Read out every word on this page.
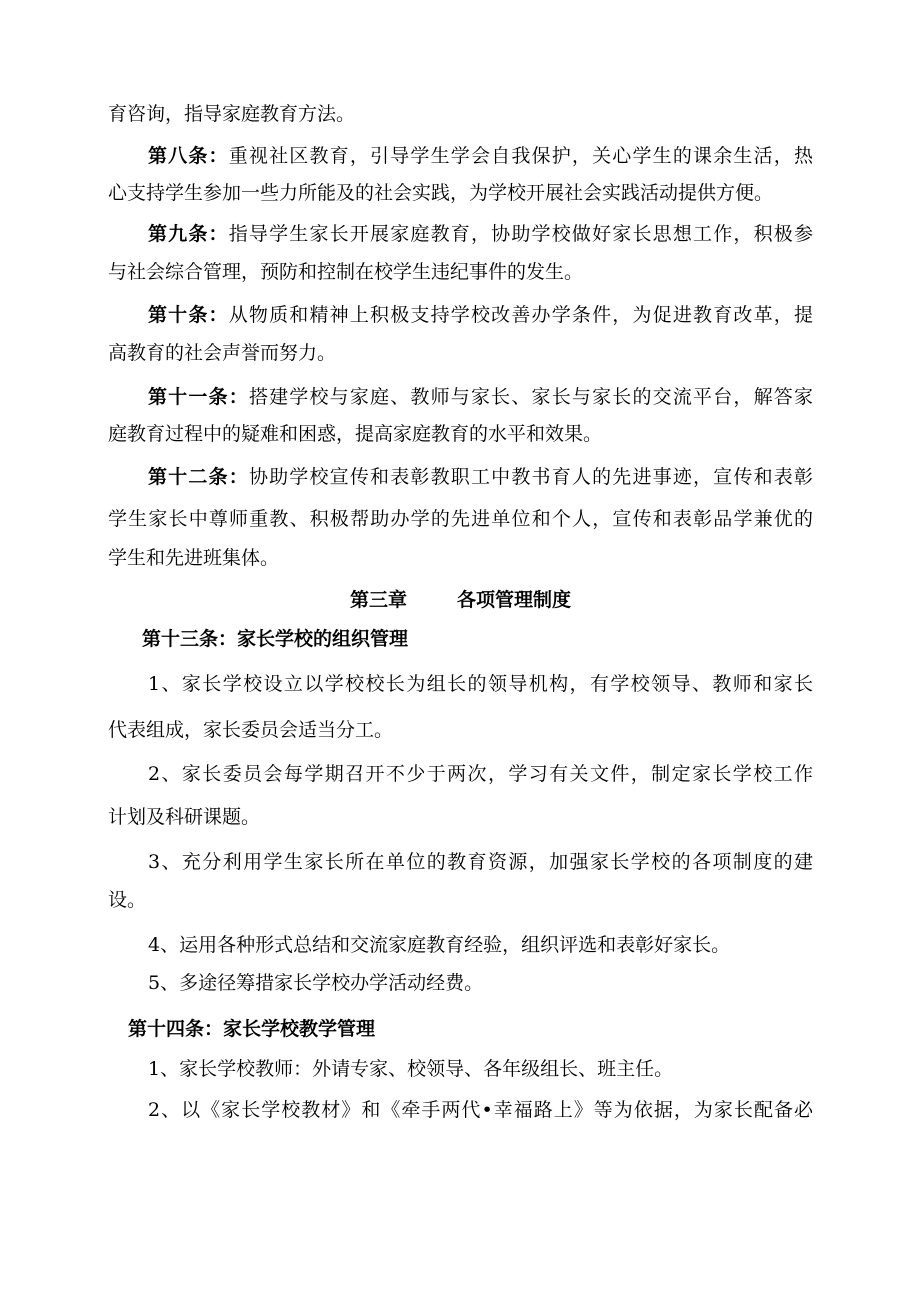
育咨询，指导家庭教育方法。

第八条：重视社区教育，引导学生学会自我保护，关心学生的课余生活，热

心支持学生参加一些力所能及的社会实践，为学校开展社会实践活动提供方便。

第九条：指导学生家长开展家庭教育，协助学校做好家长思想工作，积极参

与社会综合管理，预防和控制在校学生违纪事件的发生。

第十条：从物质和精神上积极支持学校改善办学条件，为促进教育改革，提

高教育的社会声誉而努力。

第十一条：搭建学校与家庭、教师与家长、家长与家长的交流平台，解答家

庭教育过程中的疑难和困惑，提高家庭教育的水平和效果。

第十二条：协助学校宣传和表彰教职工中教书育人的先进事迹，宣传和表彰

学生家长中尊师重教、积极帮助办学的先进单位和个人，宣传和表彰品学兼优的

学生和先进班集体。

第三章	各项管理制度

第十三条：家长学校的组织管理

1、家长学校设立以学校校长为组长的领导机构，有学校领导、教师和家长

代表组成，家长委员会适当分工。

2、家长委员会每学期召开不少于两次，学习有关文件，制定家长学校工作

计划及科研课题。

3、充分利用学生家长所在单位的教育资源，加强家长学校的各项制度的建

设。

4、运用各种形式总结和交流家庭教育经验，组织评选和表彰好家长。

5、多途径筹措家长学校办学活动经费。

第十四条：家长学校教学管理

1、家长学校教师：外请专家、校领导、各年级组长、班主任。

2、以《家长学校教材》和《牵手两代•幸福路上》等为依据，为家长配备必
